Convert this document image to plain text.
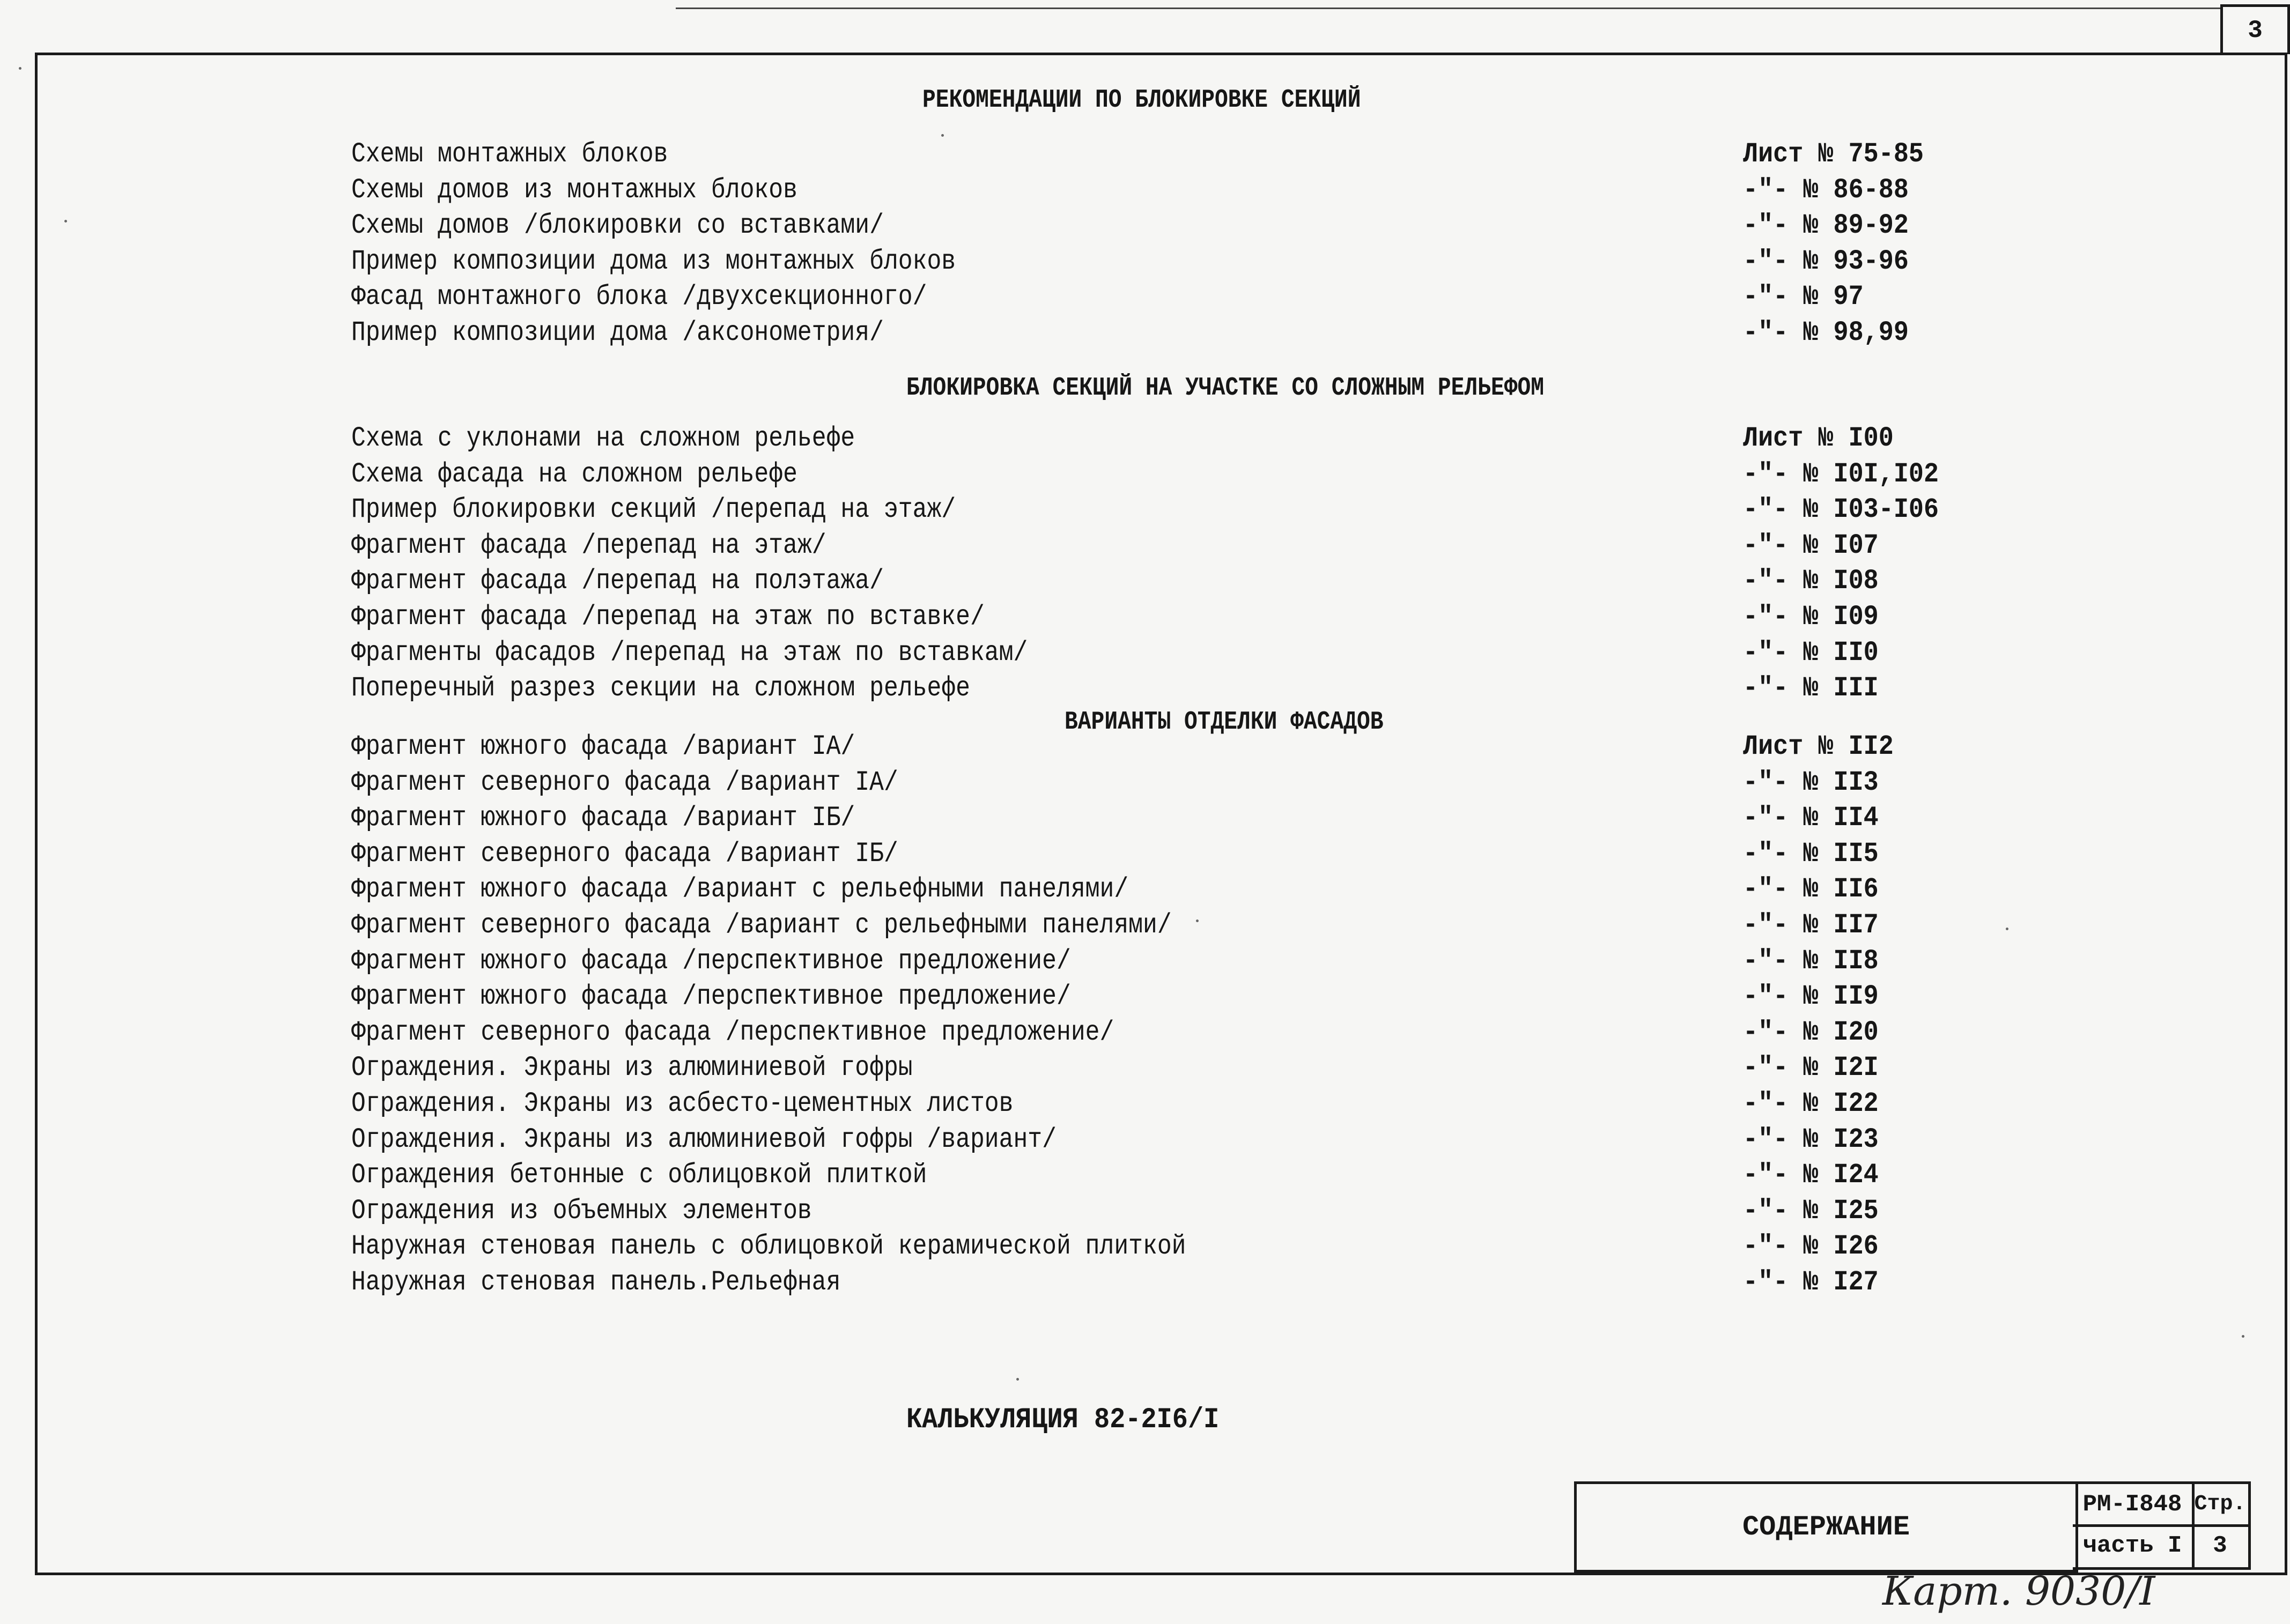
3
РЕКОМЕНДАЦИИ ПО БЛОКИРОВКЕ СЕКЦИЙ
БЛОКИРОВКА СЕКЦИЙ НА УЧАСТКЕ СО СЛОЖНЫМ РЕЛЬЕФОМ
ВАРИАНТЫ ОТДЕЛКИ ФАСАДОВ
Схемы монтажных блоков	Лист № 75-85
Схемы домов из монтажных блоков	-"- № 86-88
Схемы домов /блокировки со вставками/	-"- № 89-92
Пример композиции дома из монтажных блоков	-"- № 93-96
Фасад монтажного блока /двухсекционного/	-"- № 97
Пример композиции дома /аксонометрия/	-"- № 98,99
Схема с уклонами на сложном рельефе	Лист № I00
Схема фасада на сложном рельефе	-"- № I0I,I02
Пример блокировки секций /перепад на этаж/	-"- № I03-I06
Фрагмент фасада /перепад на этаж/	-"- № I07
Фрагмент фасада /перепад на полэтажа/	-"- № I08
Фрагмент фасада /перепад на этаж по вставке/	-"- № I09
Фрагменты фасадов /перепад на этаж по вставкам/	-"- № II0
Поперечный разрез секции на сложном рельефе	-"- № III
Фрагмент южного фасада /вариант IА/	Лист № II2
Фрагмент северного фасада /вариант IА/	-"- № II3
Фрагмент южного фасада /вариант IБ/	-"- № II4
Фрагмент северного фасада /вариант IБ/	-"- № II5
Фрагмент южного фасада /вариант с рельефными панелями/	-"- № II6
Фрагмент северного фасада /вариант с рельефными панелями/	-"- № II7
Фрагмент южного фасада /перспективное предложение/	-"- № II8
Фрагмент южного фасада /перспективное предложение/	-"- № II9
Фрагмент северного фасада /перспективное предложение/	-"- № I20
Ограждения. Экраны из алюминиевой гофры	-"- № I2I
Ограждения. Экраны из асбесто-цементных листов	-"- № I22
Ограждения. Экраны из алюминиевой гофры /вариант/	-"- № I23
Ограждения бетонные с облицовкой плиткой	-"- № I24
Ограждения из объемных элементов	-"- № I25
Наружная стеновая панель с облицовкой керамической плиткой	-"- № I26
Наружная стеновая панель.Рельефная	-"- № I27
КАЛЬКУЛЯЦИЯ 82-2I6/I
СОДЕРЖАНИЕ
РМ-I848
часть I
Стр.
3
Карт. 9030/I
